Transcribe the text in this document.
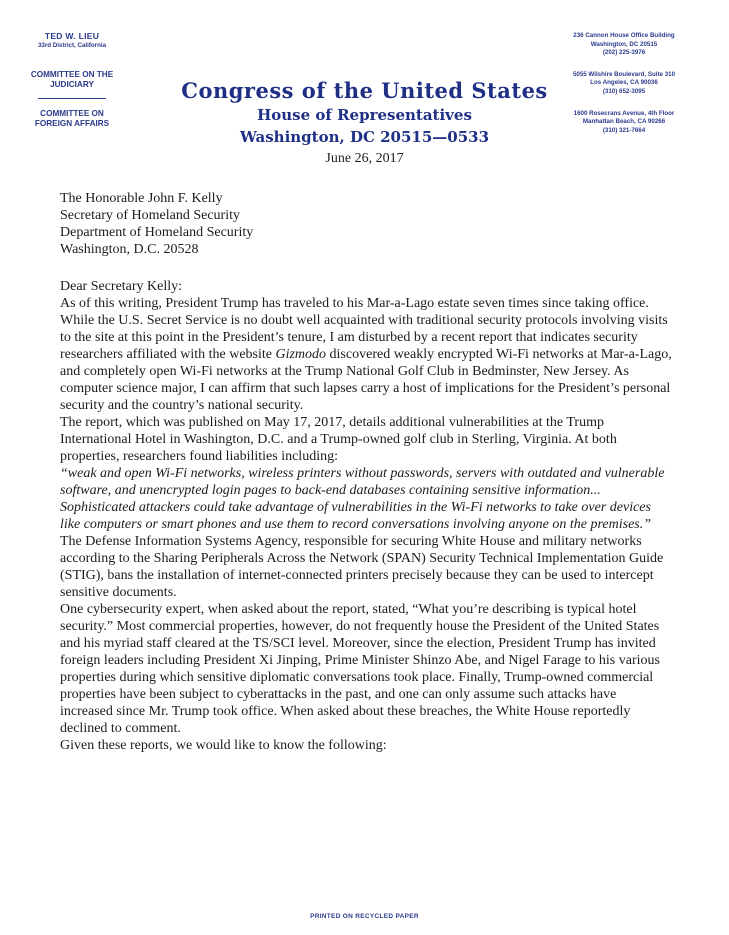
TED W. LIEU
33rd District, California
COMMITTEE ON THE
JUDICIARY
COMMITTEE ON
FOREIGN AFFAIRS
236 Cannon House Office Building
Washington, DC 20515
(202) 225-3976
5055 Wilshire Boulevard, Suite 310
Los Angeles, CA 90036
(310) 652-3095
1600 Rosecrans Avenue, 4th Floor
Manhattan Beach, CA 90266
(310) 321-7664
Congress of the United States
House of Representatives
Washington, DC 20515—0533
June 26, 2017
The Honorable John F. Kelly
Secretary of Homeland Security
Department of Homeland Security
Washington, D.C. 20528

Dear Secretary Kelly:

As of this writing, President Trump has traveled to his Mar-a-Lago estate seven times since taking office. While the U.S. Secret Service is no doubt well acquainted with traditional security protocols involving visits to the site at this point in the President’s tenure, I am disturbed by a recent report that indicates security researchers affiliated with the website Gizmodo discovered weakly encrypted Wi-Fi networks at Mar-a-Lago, and completely open Wi-Fi networks at the Trump National Golf Club in Bedminster, New Jersey. As computer science major, I can affirm that such lapses carry a host of implications for the President’s personal security and the country’s national security.

The report, which was published on May 17, 2017, details additional vulnerabilities at the Trump International Hotel in Washington, D.C. and a Trump-owned golf club in Sterling, Virginia. At both properties, researchers found liabilities including:

“weak and open Wi-Fi networks, wireless printers without passwords, servers with outdated and vulnerable software, and unencrypted login pages to back-end databases containing sensitive information... Sophisticated attackers could take advantage of vulnerabilities in the Wi-Fi networks to take over devices like computers or smart phones and use them to record conversations involving anyone on the premises.”

The Defense Information Systems Agency, responsible for securing White House and military networks according to the Sharing Peripherals Across the Network (SPAN) Security Technical Implementation Guide (STIG), bans the installation of internet-connected printers precisely because they can be used to intercept sensitive documents.

One cybersecurity expert, when asked about the report, stated, “What you’re describing is typical hotel security.” Most commercial properties, however, do not frequently house the President of the United States and his myriad staff cleared at the TS/SCI level. Moreover, since the election, President Trump has invited foreign leaders including President Xi Jinping, Prime Minister Shinzo Abe, and Nigel Farage to his various properties during which sensitive diplomatic conversations took place. Finally, Trump-owned commercial properties have been subject to cyberattacks in the past, and one can only assume such attacks have increased since Mr. Trump took office. When asked about these breaches, the White House reportedly declined to comment.

Given these reports, we would like to know the following:

PRINTED ON RECYCLED PAPER
